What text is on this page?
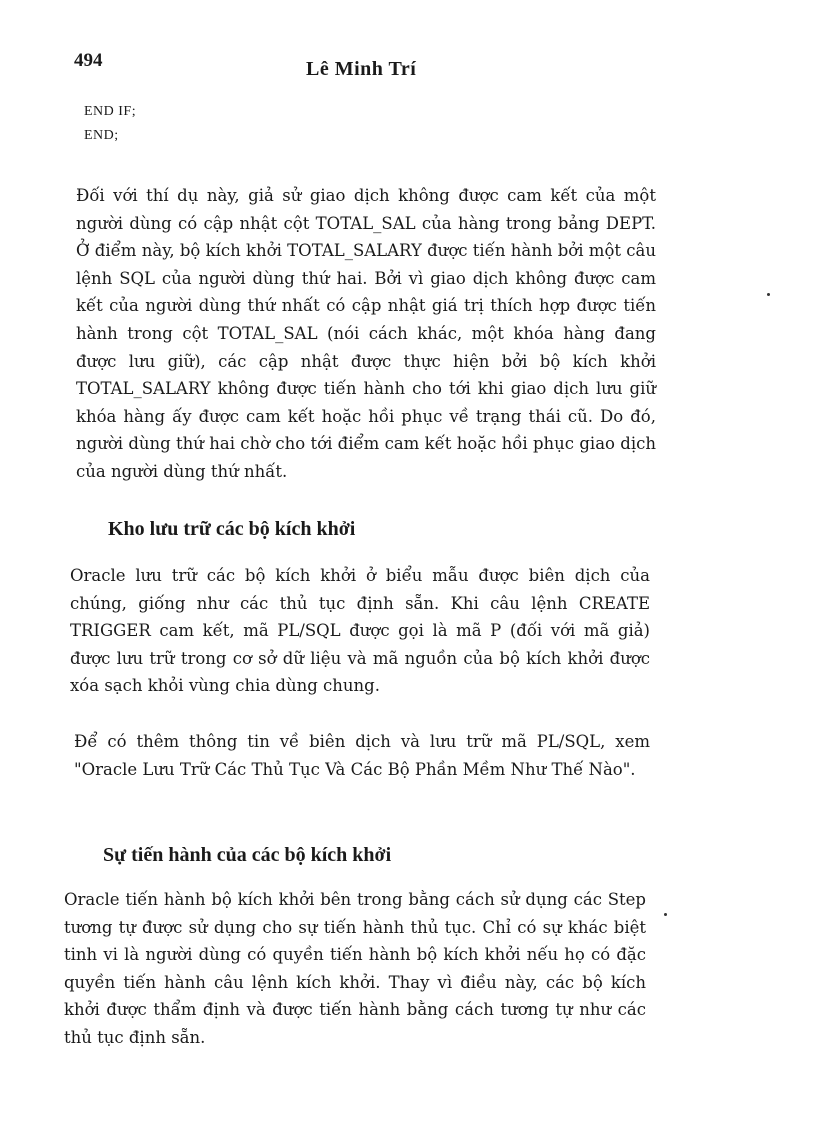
494	Lê Minh Trí
END IF;
END;

Đối với thí dụ này, giả sử giao dịch không được cam kết của một người dùng có cập nhật cột TOTAL_SAL của hàng trong bảng DEPT. Ở điểm này, bộ kích khởi TOTAL_SALARY được tiến hành bởi một câu lệnh SQL của người dùng thứ hai. Bởi vì giao dịch không được cam kết của người dùng thứ nhất có cập nhật giá trị thích hợp được tiến hành trong cột TOTAL_SAL (nói cách khác, một khóa hàng đang được lưu giữ), các cập nhật được thực hiện bởi bộ kích khởi TOTAL_SALARY không được tiến hành cho tới khi giao dịch lưu giữ khóa hàng ấy được cam kết hoặc hồi phục về trạng thái cũ. Do đó, người dùng thứ hai chờ cho tới điểm cam kết hoặc hồi phục giao dịch của người dùng thứ nhất.

Kho lưu trữ các bộ kích khởi

Oracle lưu trữ các bộ kích khởi ở biểu mẫu được biên dịch của chúng, giống như các thủ tục định sẵn. Khi câu lệnh CREATE TRIGGER cam kết, mã PL/SQL được gọi là mã P (đối với mã giả) được lưu trữ trong cơ sở dữ liệu và mã nguồn của bộ kích khởi được xóa sạch khỏi vùng chia dùng chung.

Để có thêm thông tin về biên dịch và lưu trữ mã PL/SQL, xem "Oracle Lưu Trữ Các Thủ Tục Và Các Bộ Phần Mềm Như Thế Nào".

Sự tiến hành của các bộ kích khởi

Oracle tiến hành bộ kích khởi bên trong bằng cách sử dụng các Step tương tự được sử dụng cho sự tiến hành thủ tục. Chỉ có sự khác biệt tinh vi là người dùng có quyền tiến hành bộ kích khởi nếu họ có đặc quyền tiến hành câu lệnh kích khởi. Thay vì điều này, các bộ kích khởi được thẩm định và được tiến hành bằng cách tương tự như các thủ tục định sẵn.
